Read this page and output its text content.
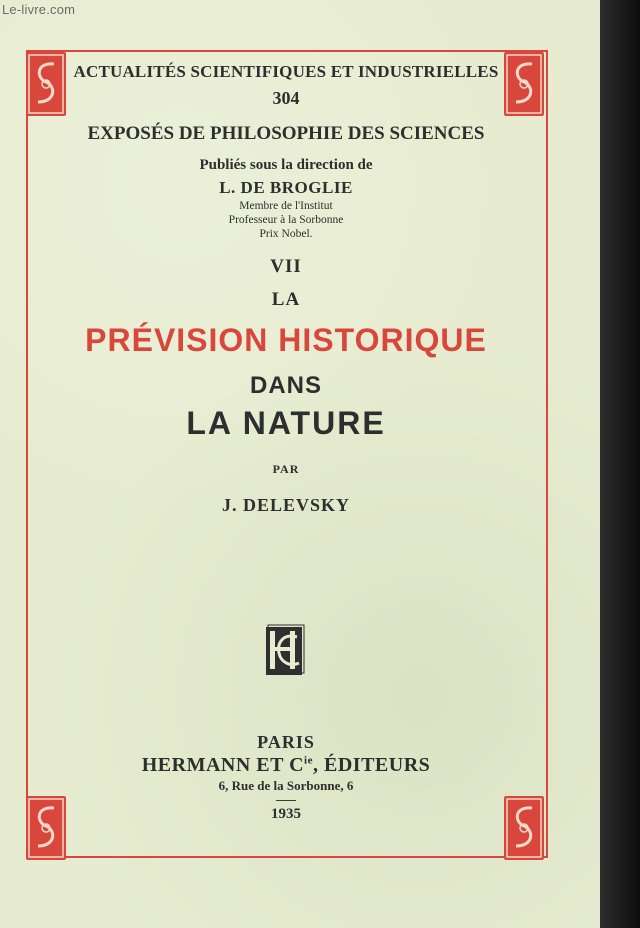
Le-livre.com
ACTUALITÉS SCIENTIFIQUES ET INDUSTRIELLES
304
EXPOSÉS DE PHILOSOPHIE DES SCIENCES
Publiés sous la direction de
L. DE BROGLIE
Membre de l'Institut
Professeur à la Sorbonne
Prix Nobel.
VII
LA
PRÉVISION HISTORIQUE
DANS
LA NATURE
PAR
J. DELEVSKY
PARIS
HERMANN ET $C^{ie}$, ÉDITEURS
6, Rue de la Sorbonne, 6
1935
